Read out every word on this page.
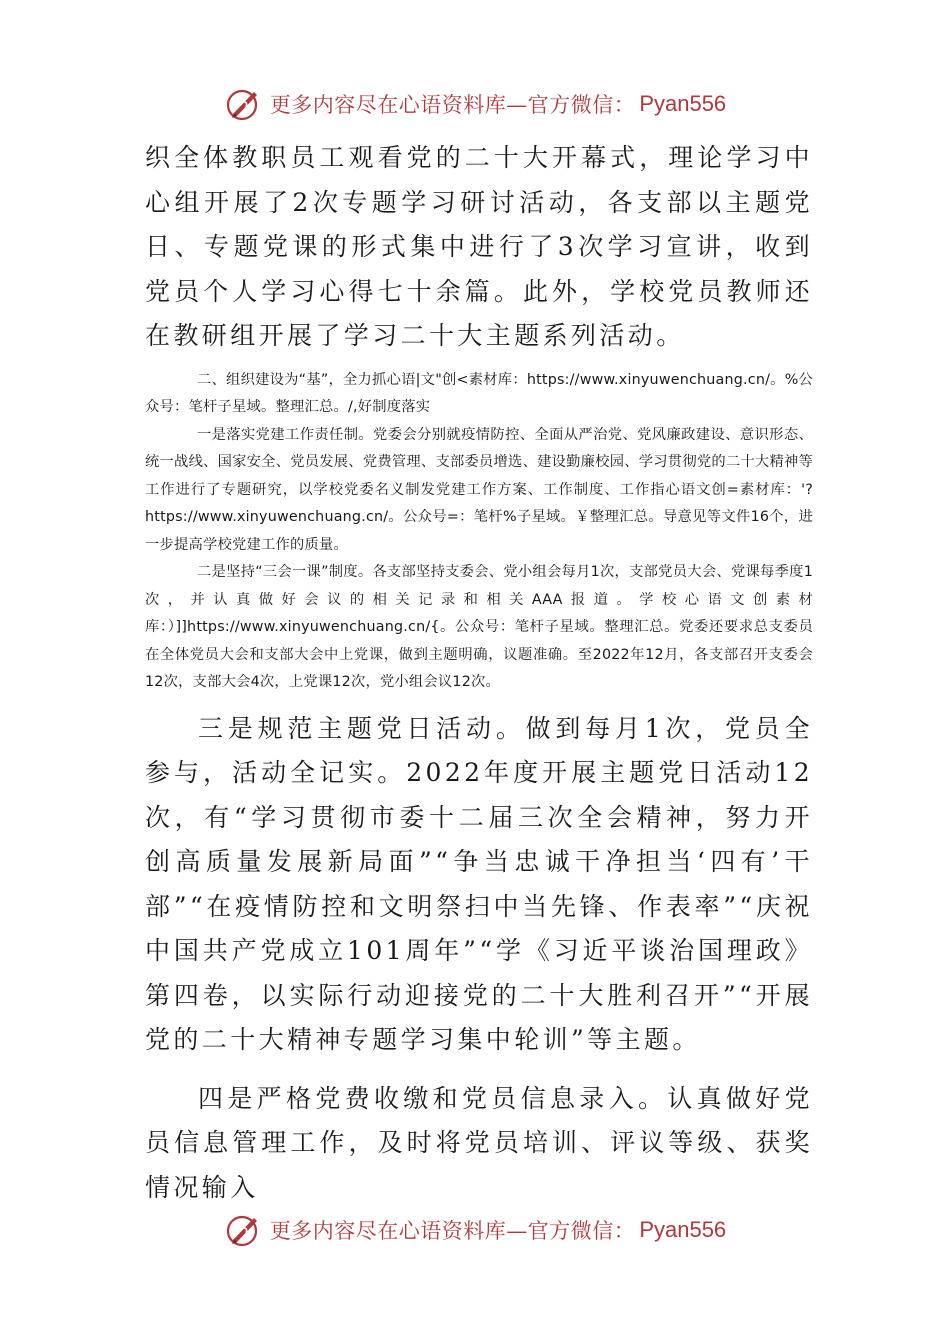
更多内容尽在心语资料库—官方微信： Pyan556

织全体教职员工观看党的二十大开幕式，理论学习中心组开展了2次专题学习研讨活动，各支部以主题党日、专题党课的形式集中进行了3次学习宣讲，收到党员个人学习心得七十余篇。此外，学校党员教师还在教研组开展了学习二十大主题系列活动。

二、组织建设为“基”，全力抓心语|文"创<素材库：https://www.xinyuwenchuang.cn/。%公众号：笔杆子星域。整理汇总。/,好制度落实

一是落实党建工作责任制。党委会分别就疫情防控、全面从严治党、党风廉政建设、意识形态、统一战线、国家安全、党员发展、党费管理、支部委员增选、建设勤廉校园、学习贯彻党的二十大精神等工作进行了专题研究，以学校党委名义制发党建工作方案、工作制度、工作指心语文创=素材库：'?https://www.xinyuwenchuang.cn/。公众号=：笔杆%子星域。￥整理汇总。导意见等文件16个，进一步提高学校党建工作的质量。

二是坚持“三会一课”制度。各支部坚持支委会、党小组会每月1次，支部党员大会、党课每季度1次，并认真做好会议的相关记录和相关AAA报道。学校心语文创素材库：）]]https://www.xinyuwenchuang.cn/{。公众号：笔杆子星域。整理汇总。党委还要求总支委员在全体党员大会和支部大会中上党课，做到主题明确，议题准确。至2022年12月，各支部召开支委会12次，支部大会4次，上党课12次，党小组会议12次。

三是规范主题党日活动。做到每月1次，党员全参与，活动全记实。2022年度开展主题党日活动12次，有“学习贯彻市委十二届三次全会精神，努力开创高质量发展新局面”“争当忠诚干净担当‘四有’干部”“在疫情防控和文明祭扫中当先锋、作表率”“庆祝中国共产党成立101周年”“学《习近平谈治国理政》第四卷，以实际行动迎接党的二十大胜利召开”“开展党的二十大精神专题学习集中轮训”等主题。

四是严格党费收缴和党员信息录入。认真做好党员信息管理工作，及时将党员培训、评议等级、获奖情况输入

更多内容尽在心语资料库—官方微信： Pyan556
